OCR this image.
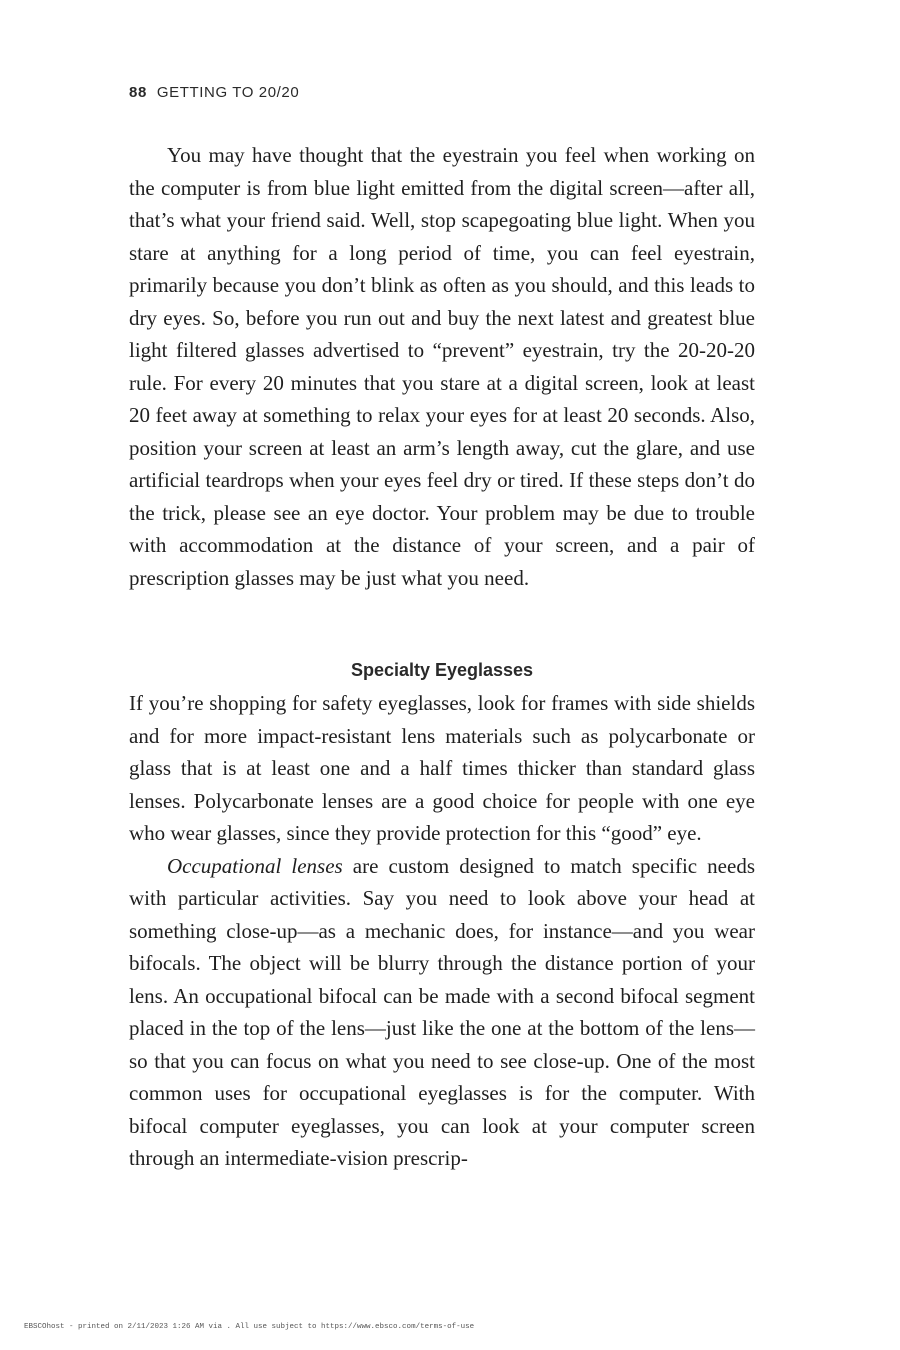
88 GETTING TO 20/20

You may have thought that the eyestrain you feel when working on the computer is from blue light emitted from the digital screen—after all, that’s what your friend said. Well, stop scapegoating blue light. When you stare at anything for a long period of time, you can feel eyestrain, primarily because you don’t blink as often as you should, and this leads to dry eyes. So, before you run out and buy the next latest and greatest blue light filtered glasses advertised to “prevent” eyestrain, try the 20-20-20 rule. For every 20 minutes that you stare at a digital screen, look at least 20 feet away at something to relax your eyes for at least 20 seconds. Also, position your screen at least an arm’s length away, cut the glare, and use artificial teardrops when your eyes feel dry or tired. If these steps don’t do the trick, please see an eye doctor. Your problem may be due to trouble with accommodation at the distance of your screen, and a pair of prescription glasses may be just what you need.

Specialty Eyeglasses

If you’re shopping for safety eyeglasses, look for frames with side shields and for more impact-resistant lens materials such as polycarbonate or glass that is at least one and a half times thicker than standard glass lenses. Polycarbonate lenses are a good choice for people with one eye who wear glasses, since they provide protection for this “good” eye.

Occupational lenses are custom designed to match specific needs with particular activities. Say you need to look above your head at something close-up—as a mechanic does, for instance—and you wear bifocals. The object will be blurry through the distance portion of your lens. An occupational bifocal can be made with a second bifocal segment placed in the top of the lens—just like the one at the bottom of the lens—so that you can focus on what you need to see close-up. One of the most common uses for occupational eyeglasses is for the computer. With bifocal computer eyeglasses, you can look at your computer screen through an intermediate-vision prescrip-

EBSCOhost - printed on 2/11/2023 1:26 AM via . All use subject to https://www.ebsco.com/terms-of-use
